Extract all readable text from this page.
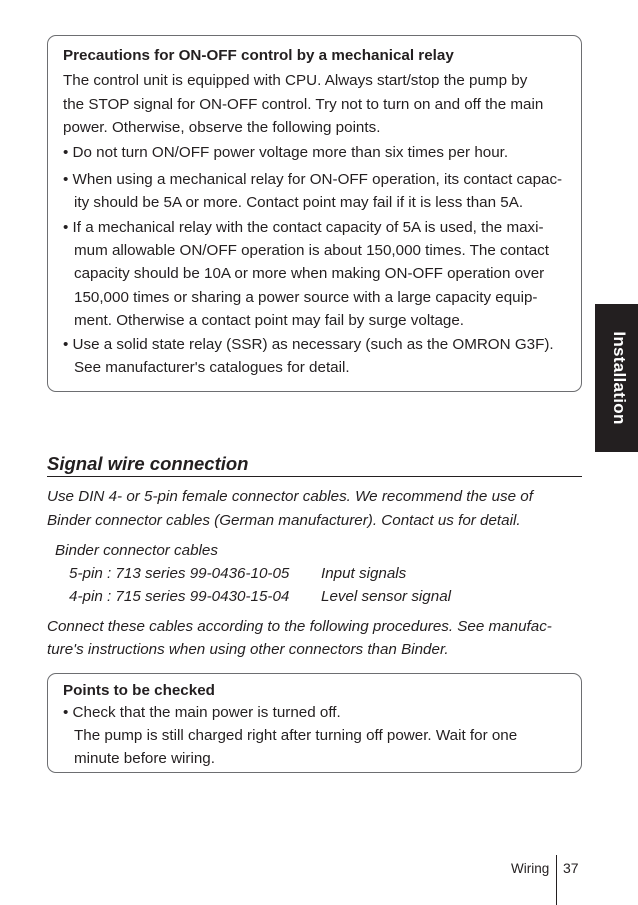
Precautions for ON-OFF control by a mechanical relay
The control unit is equipped with CPU. Always start/stop the pump by
the STOP signal for ON-OFF control. Try not to turn on and off the main
power. Otherwise, observe the following points.
• Do not turn ON/OFF power voltage more than six times per hour.
• When using a mechanical relay for ON-OFF operation, its contact capac-
ity should be 5A or more. Contact point may fail if it is less than 5A.
• If a mechanical relay with the contact capacity of 5A is used, the maxi-
mum allowable ON/OFF operation is about 150,000 times. The contact
capacity should be 10A or more when making ON-OFF operation over
150,000 times or sharing a power source with a large capacity equip-
ment. Otherwise a contact point may fail by surge voltage.
• Use a solid state relay (SSR) as necessary (such as the OMRON G3F).
See manufacturer's catalogues for detail.	Installation
Signal wire connection
Use DIN 4- or 5-pin female connector cables. We recommend the use of
Binder connector cables (German manufacturer). Contact us for detail.
Binder connector cables
5-pin : 713 series 99-0436-10-05 Input signals
4-pin : 715 series 99-0430-15-04 Level sensor signal
Connect these cables according to the following procedures. See manufac-
ture's instructions when using other connectors than Binder.
Points to be checked
• Check that the main power is turned off.
The pump is still charged right after turning off power. Wait for one
minute before wiring.
Wiring 37
